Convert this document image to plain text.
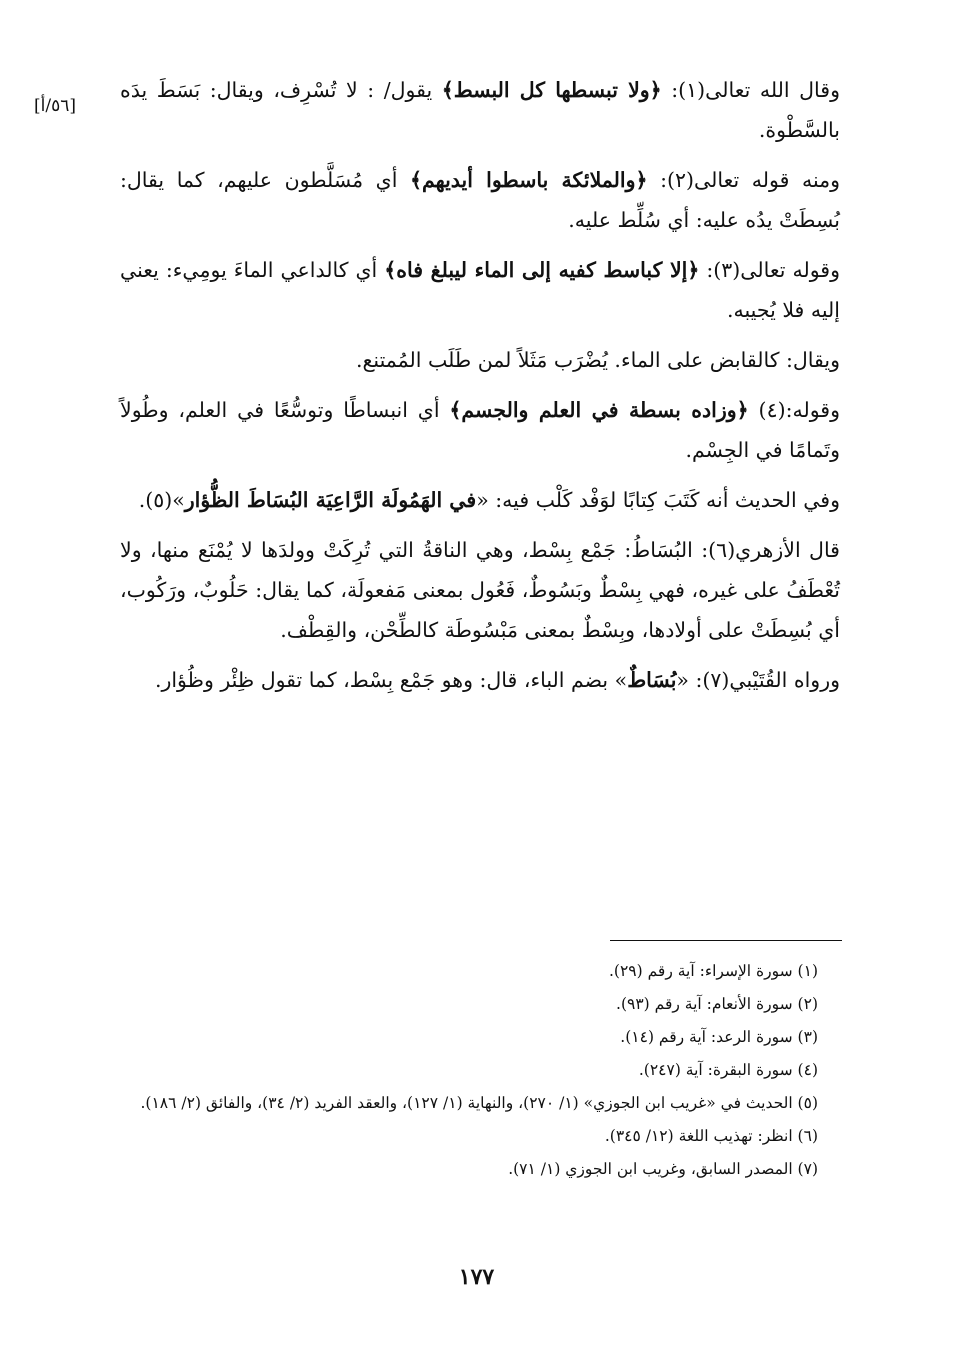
[٥٦/أ]

وقال الله تعالى(١): ﴿ولا تبسطها كل البسط﴾ يقول/ : لا تُسْرِف، ويقال: بَسَطَ يدَه بالسَّطْوة.

ومنه قوله تعالى(٢): ﴿والملائكة باسطوا أيديهم﴾ أي مُسَلَّطون عليهم، كما يقال: بُسِطَتْ يدُه عليه: أي سُلِّط عليه.

وقوله تعالى(٣): ﴿إلا كباسط كفيه إلى الماء ليبلغ فاه﴾ أي كالداعي الماءَ يومِيء: يعني إليه فلا يُجيبه.

ويقال: كالقابض على الماء. يُضْرَب مَثَلاً لمن طَلَب المُمتنع.

وقوله:(٤) ﴿وزاده بسطة في العلم والجسم﴾ أي انبساطًا وتوسُّعًا في العلم، وطُولاً وتَمامًا في الجِسْم.

وفي الحديث أنه كَتَبَ كِتابًا لوَفْد كَلْب فيه: «في الهَمُولَة الرَّاعِيَة البُسَاطَ الظُّؤار»(٥).

قال الأزهري(٦): البُسَاطُ: جَمْع بِسْط، وهي الناقةُ التي تُرِكَتْ وولدَها لا يُمْنَع منها، ولا تُعْطَفُ على غيره، فهي بِسْطٌ وبَسُوطٌ، فَعُول بمعنى مَفعولَة، كما يقال: حَلُوبٌ، ورَكُوب، أي بُسِطَتْ على أولادها، وبِسْطٌ بمعنى مَبْسُوطَة كالطِّحْن، والقِطْف.

ورواه القُتَيْبي(٧): «بُسَاطٌ» بضم الباء، قال: وهو جَمْع بِسْط، كما تقول ظِئْر وظُؤار.

(١) سورة الإسراء: آية رقم (٢٩).

(٢) سورة الأنعام: آية رقم (٩٣).

(٣) سورة الرعد: آية رقم (١٤).

(٤) سورة البقرة: آية (٢٤٧).

(٥) الحديث في «غريب ابن الجوزي» (١/ ٢٧٠)، والنهاية (١/ ١٢٧)، والعقد الفريد (٢/ ٣٤)، والفائق (٢/ ١٨٦).

(٦) انظر: تهذيب اللغة (١٢/ ٣٤٥).

(٧) المصدر السابق، وغريب ابن الجوزي (١/ ٧١).

١٧٧
